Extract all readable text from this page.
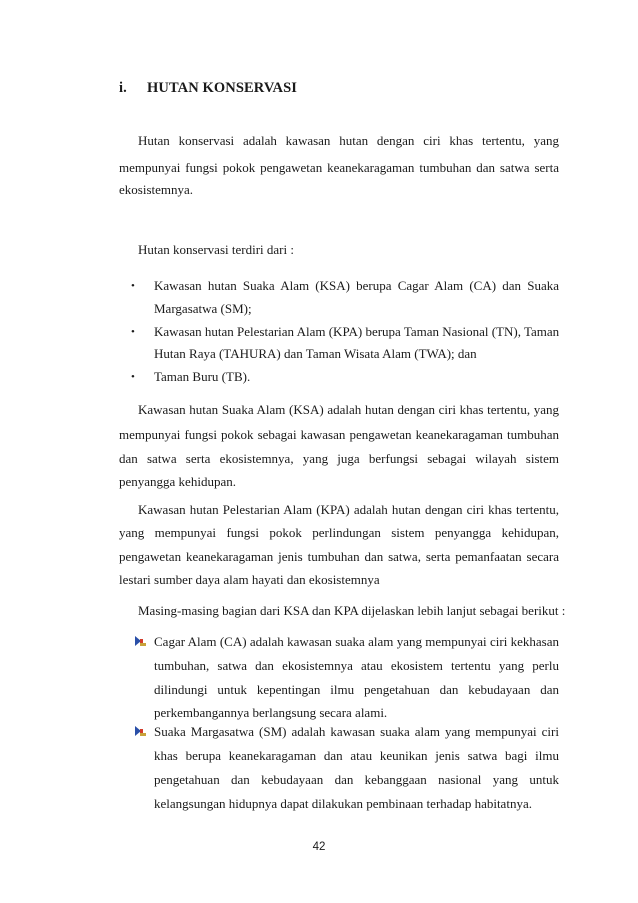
i. HUTAN KONSERVASI
Hutan konservasi adalah kawasan hutan dengan ciri khas tertentu, yang
mempunyai fungsi pokok pengawetan keanekaragaman tumbuhan dan satwa serta
ekosistemnya.
Hutan konservasi terdiri dari :
• Kawasan hutan Suaka Alam (KSA) berupa Cagar Alam (CA) dan Suaka
Margasatwa (SM);
• Kawasan hutan Pelestarian Alam (KPA) berupa Taman Nasional (TN), Taman
Hutan Raya (TAHURA) dan Taman Wisata Alam (TWA); dan
• Taman Buru (TB).
Kawasan hutan Suaka Alam (KSA) adalah hutan dengan ciri khas tertentu, yang
mempunyai fungsi pokok sebagai kawasan pengawetan keanekaragaman tumbuhan
dan satwa serta ekosistemnya, yang juga berfungsi sebagai wilayah sistem
penyangga kehidupan.
Kawasan hutan Pelestarian Alam (KPA) adalah hutan dengan ciri khas tertentu,
yang mempunyai fungsi pokok perlindungan sistem penyangga kehidupan,
pengawetan keanekaragaman jenis tumbuhan dan satwa, serta pemanfaatan secara
lestari sumber daya alam hayati dan ekosistemnya
Masing-masing bagian dari KSA dan KPA dijelaskan lebih lanjut sebagai berikut :
Cagar Alam (CA) adalah kawasan suaka alam yang mempunyai ciri kekhasan
tumbuhan, satwa dan ekosistemnya atau ekosistem tertentu yang perlu
dilindungi untuk kepentingan ilmu pengetahuan dan kebudayaan dan
perkembangannya berlangsung secara alami.
Suaka Margasatwa (SM) adalah kawasan suaka alam yang mempunyai ciri
khas berupa keanekaragaman dan atau keunikan jenis satwa bagi ilmu
pengetahuan dan kebudayaan dan kebanggaan nasional yang untuk
kelangsungan hidupnya dapat dilakukan pembinaan terhadap habitatnya.
42
